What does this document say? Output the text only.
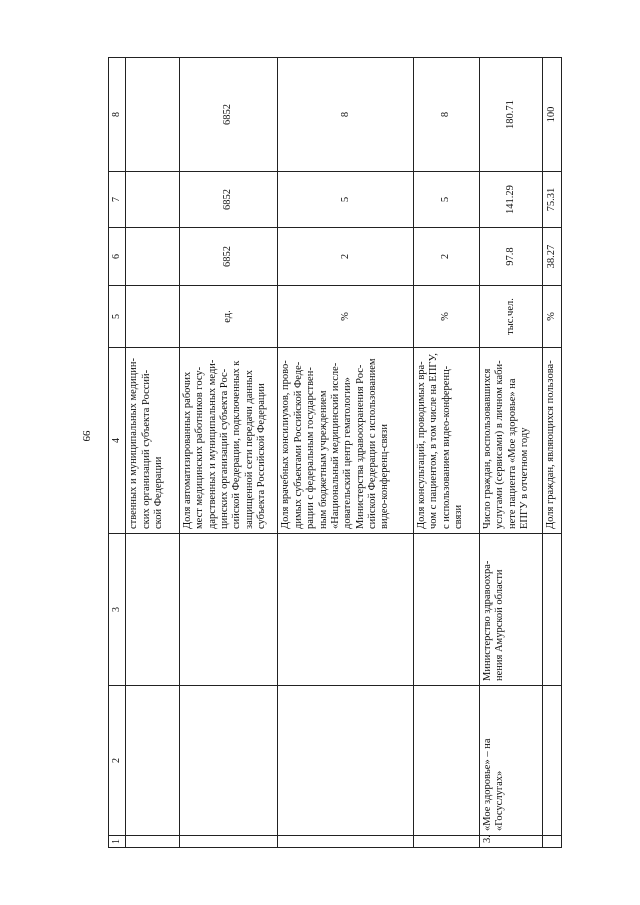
99
1	2	3	4	5	6	7	8
			ственных и муниципальных медицин-ских организаций субъекта Россий-ской Федерации				
			Доля автоматизированных рабочих мест медицинских работников госу-дарственных и муниципальных меди-цинских организаций субъекта Рос-сийской Федерации, подключенных к защищенной сети передачи данных субъекта Российской Федерации	ед.	6852	6852	6852
			Доля врачебных консилиумов, прово-димых субъектами Российской Феде-рации с федеральным государствен-ным бюджетным учреждением «Национальный медицинский иссле-довательский центр гематологии» Министерства здравоохранения Рос-сийской Федерации с использованием видео-конференц-связи	%	2	5	8
			Доля консультаций, проводимых вра-чом с пациентом, в том числе на ЕПГУ, с использованием видео-конференц-связи	%	2	5	8
3.	«Мое здоровье» – на «Госуслугах»	Министерство здравоохра-нения Амурской области	Число граждан, воспользовавшихся услугами (сервисами) в личном каби-нете пациента «Мое здоровье» на ЕПГУ в отчетном году	тыс.чел.	97.8	141.29	180.71
			Доля граждан, являющихся пользова-	%	38.27	75.31	100
